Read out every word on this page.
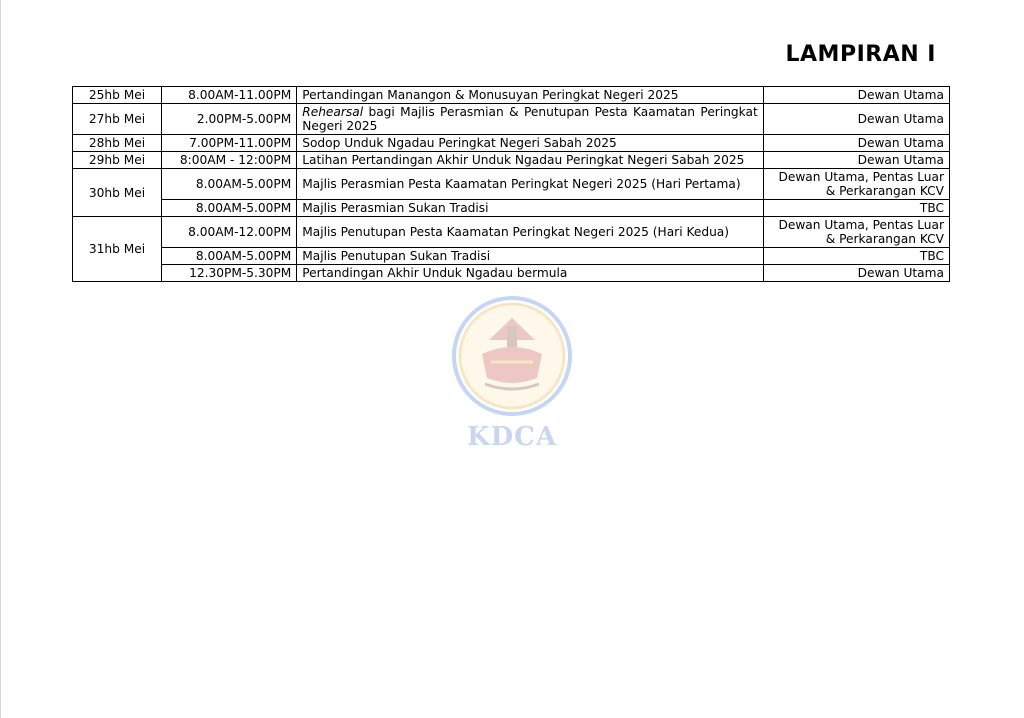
LAMPIRAN I
25hb Mei	8.00AM-11.00PM	Pertandingan Manangon & Monusuyan Peringkat Negeri 2025	Dewan Utama
27hb Mei	2.00PM-5.00PM	Rehearsal bagi Majlis Perasmian & Penutupan Pesta Kaamatan Peringkat Negeri 2025	Dewan Utama
28hb Mei	7.00PM-11.00PM	Sodop Unduk Ngadau Peringkat Negeri Sabah 2025	Dewan Utama
29hb Mei	8:00AM - 12:00PM	Latihan Pertandingan Akhir Unduk Ngadau Peringkat Negeri Sabah 2025	Dewan Utama
30hb Mei	8.00AM-5.00PM	Majlis Perasmian Pesta Kaamatan Peringkat Negeri 2025 (Hari Pertama)	Dewan Utama, Pentas Luar
& Perkarangan KCV

	8.00AM-5.00PM	Majlis Perasmian Sukan Tradisi	TBC
31hb Mei	8.00AM-12.00PM	Majlis Penutupan Pesta Kaamatan Peringkat Negeri 2025 (Hari Kedua)	Dewan Utama, Pentas Luar
& Perkarangan KCV

	8.00AM-5.00PM	Majlis Penutupan Sukan Tradisi	TBC
	12.30PM-5.30PM	Pertandingan Akhir Unduk Ngadau bermula	Dewan Utama
KDCA
